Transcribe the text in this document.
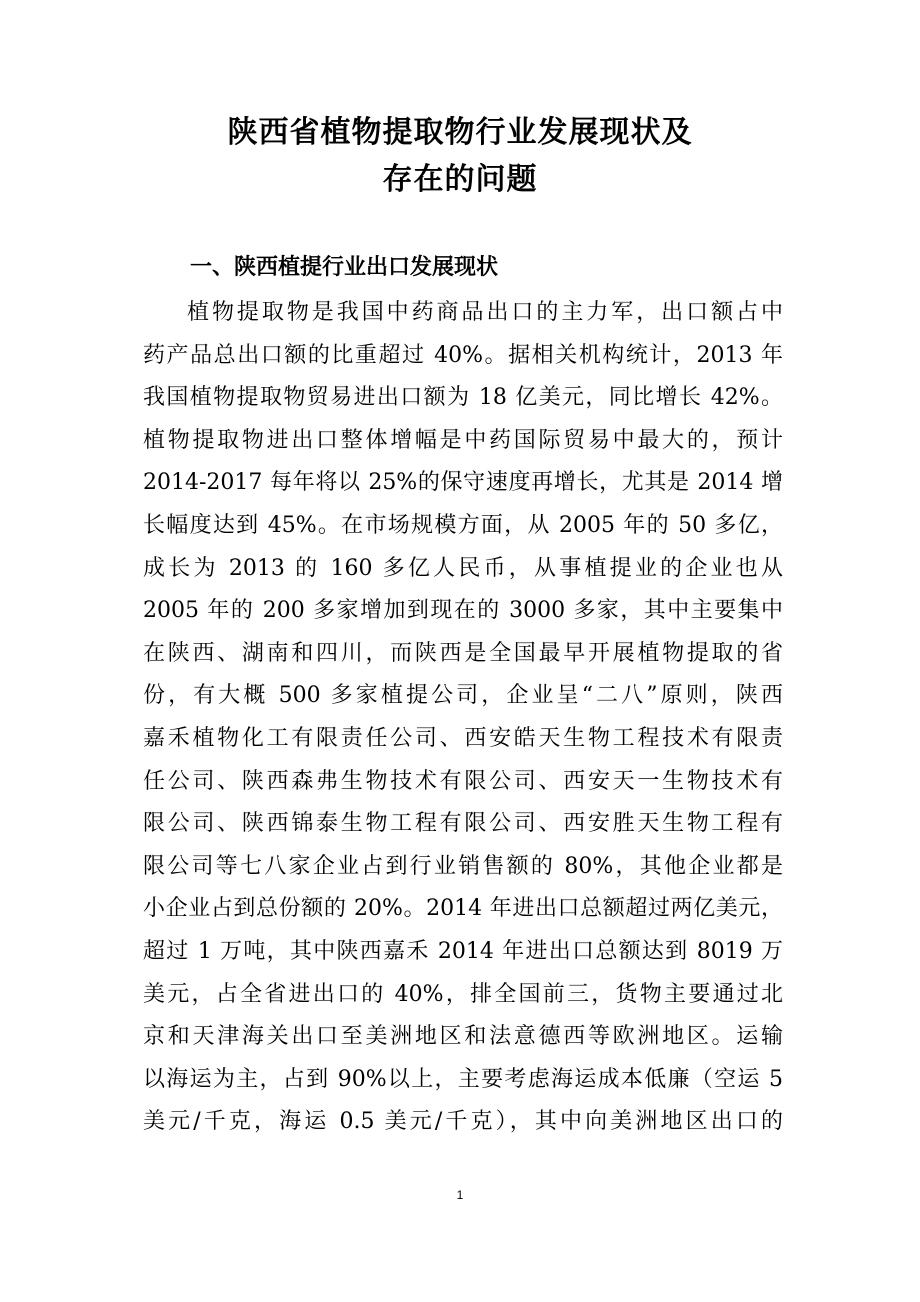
陕西省植物提取物行业发展现状及
存在的问题
一、陕西植提行业出口发展现状
植物提取物是我国中药商品出口的主力军，出口额占中
药产品总出口额的比重超过 40%。据相关机构统计，2013 年
我国植物提取物贸易进出口额为 18 亿美元，同比增长 42%。
植物提取物进出口整体增幅是中药国际贸易中最大的，预计
2014-2017 每年将以 25%的保守速度再增长，尤其是 2014 增
长幅度达到 45%。在市场规模方面，从 2005 年的 50 多亿，
成长为 2013 的 160 多亿人民币，从事植提业的企业也从
2005 年的 200 多家增加到现在的 3000 多家，其中主要集中
在陕西、湖南和四川，而陕西是全国最早开展植物提取的省
份，有大概 500 多家植提公司，企业呈“二八”原则，陕西
嘉禾植物化工有限责任公司、西安皓天生物工程技术有限责
任公司、陕西森弗生物技术有限公司、西安天一生物技术有
限公司、陕西锦泰生物工程有限公司、西安胜天生物工程有
限公司等七八家企业占到行业销售额的 80%，其他企业都是
小企业占到总份额的 20%。2014 年进出口总额超过两亿美元，
超过 1 万吨，其中陕西嘉禾 2014 年进出口总额达到 8019 万
美元，占全省进出口的 40%，排全国前三，货物主要通过北
京和天津海关出口至美洲地区和法意德西等欧洲地区。运输
以海运为主，占到 90%以上，主要考虑海运成本低廉（空运 5
美元/千克，海运 0.5 美元/千克），其中向美洲地区出口的
1
